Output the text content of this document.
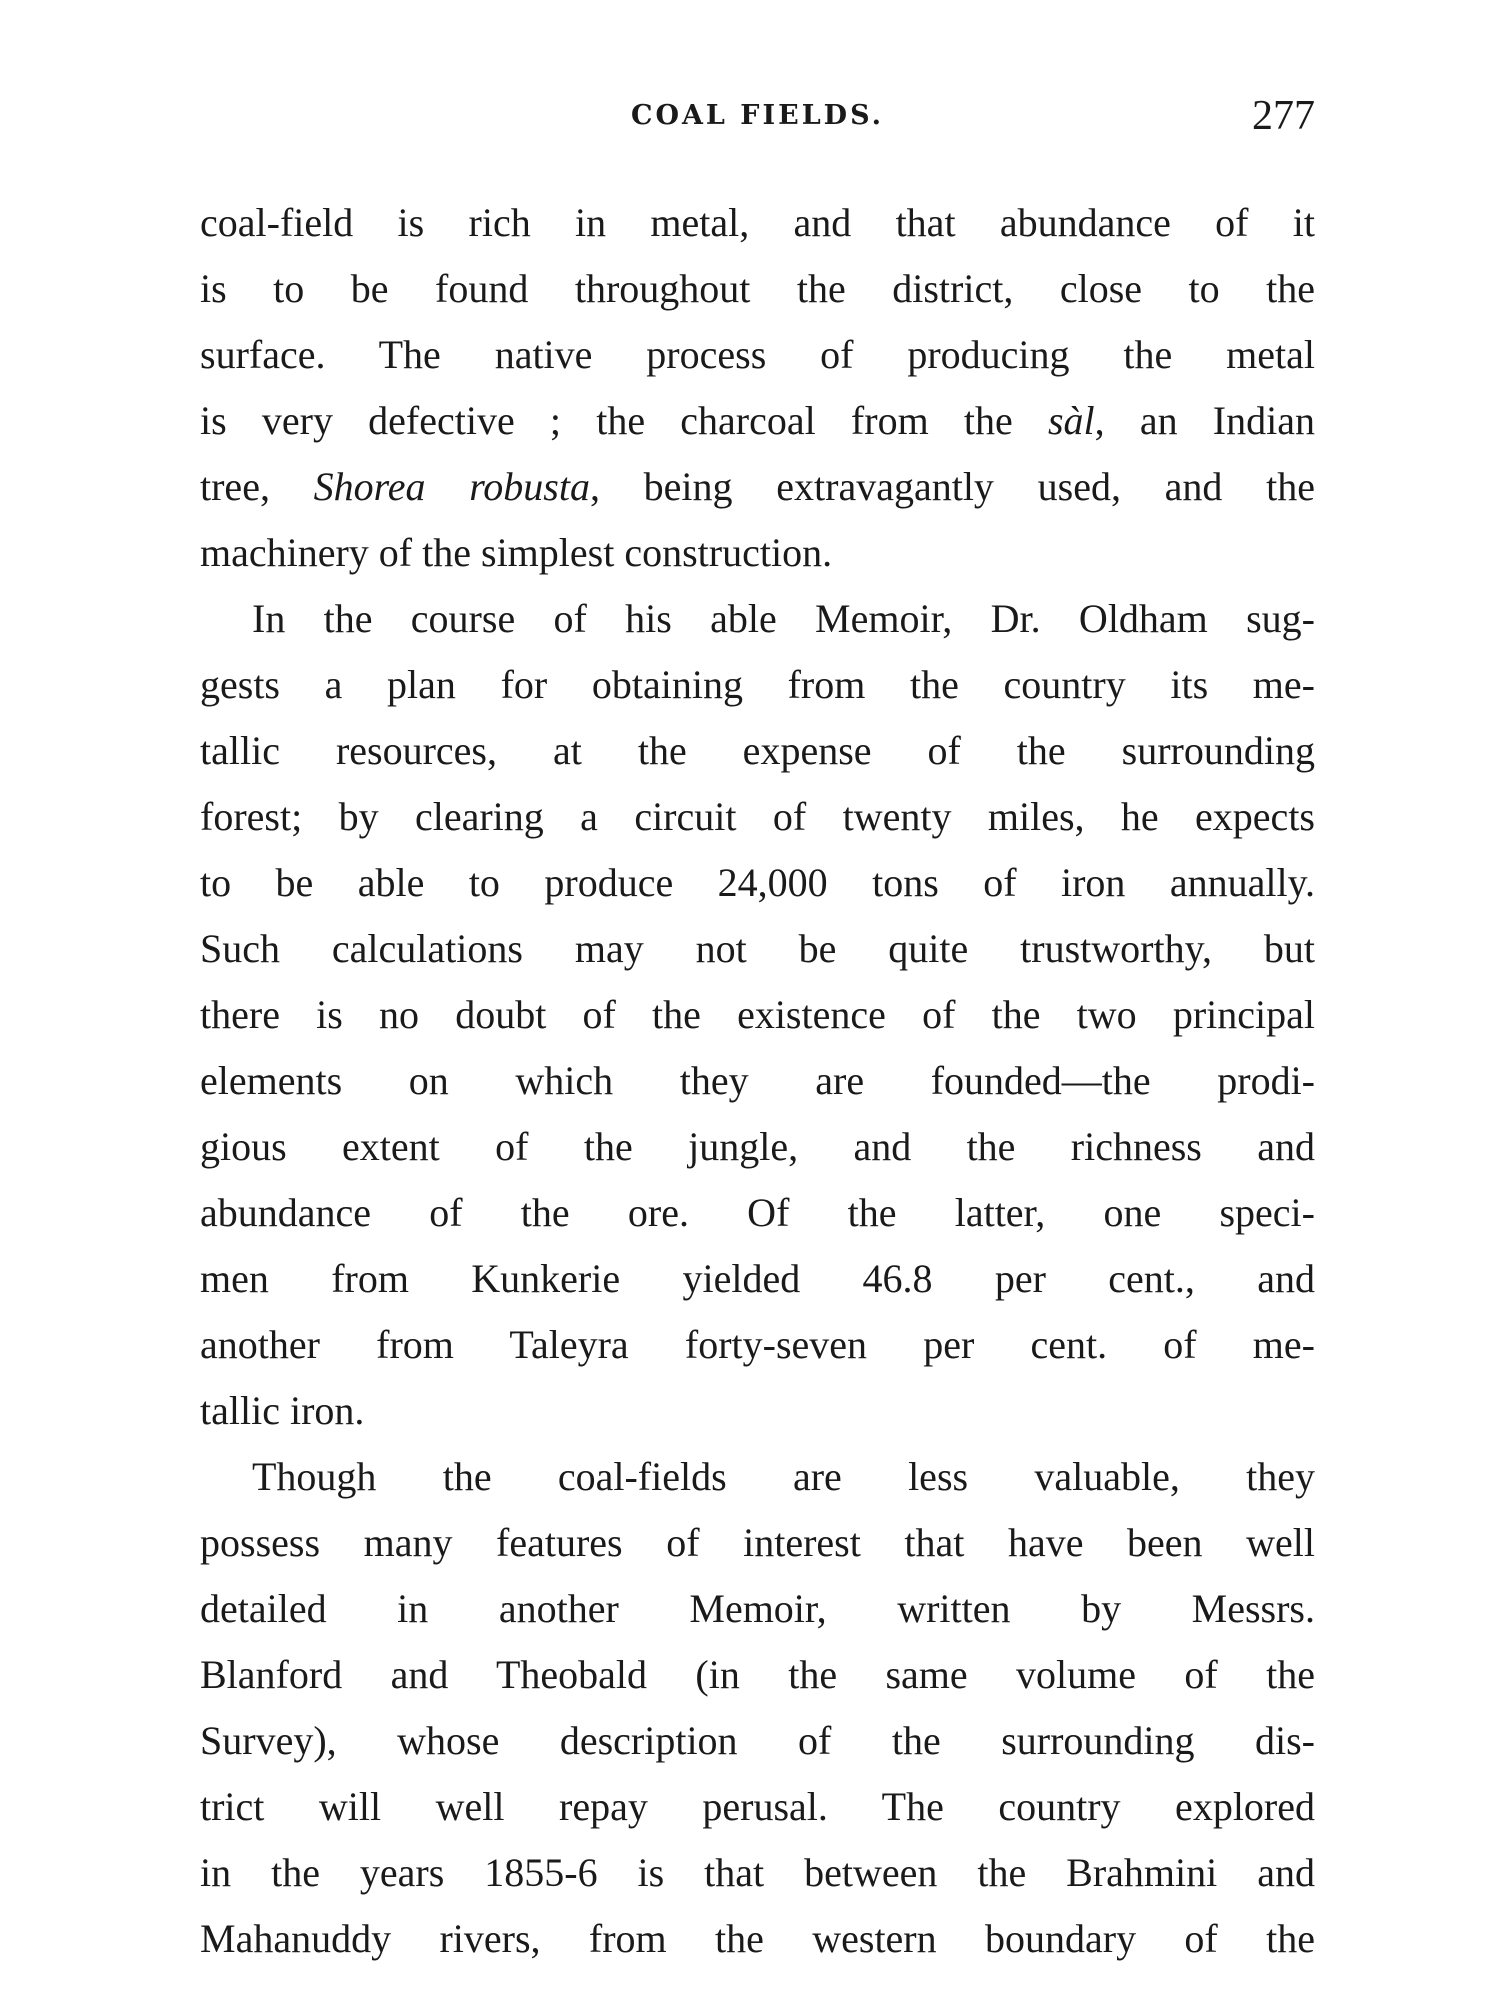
COAL FIELDS.	277
coal-field is rich in metal, and that abundance of it
is to be found throughout the district, close to the
surface. The native process of producing the metal
is very defective ; the charcoal from the sàl, an Indian
tree, Shorea robusta, being extravagantly used, and the
machinery of the simplest construction.
In the course of his able Memoir, Dr. Oldham sug-
gests a plan for obtaining from the country its me-
tallic resources, at the expense of the surrounding
forest; by clearing a circuit of twenty miles, he expects
to be able to produce 24,000 tons of iron annually.
Such calculations may not be quite trustworthy, but
there is no doubt of the existence of the two principal
elements on which they are founded—the prodi-
gious extent of the jungle, and the richness and
abundance of the ore. Of the latter, one speci-
men from Kunkerie yielded 46.8 per cent., and
another from Taleyra forty-seven per cent. of me-
tallic iron.
Though the coal-fields are less valuable, they
possess many features of interest that have been well
detailed in another Memoir, written by Messrs.
Blanford and Theobald (in the same volume of the
Survey), whose description of the surrounding dis-
trict will well repay perusal. The country explored
in the years 1855-6 is that between the Brahmini and
Mahanuddy rivers, from the western boundary of the
